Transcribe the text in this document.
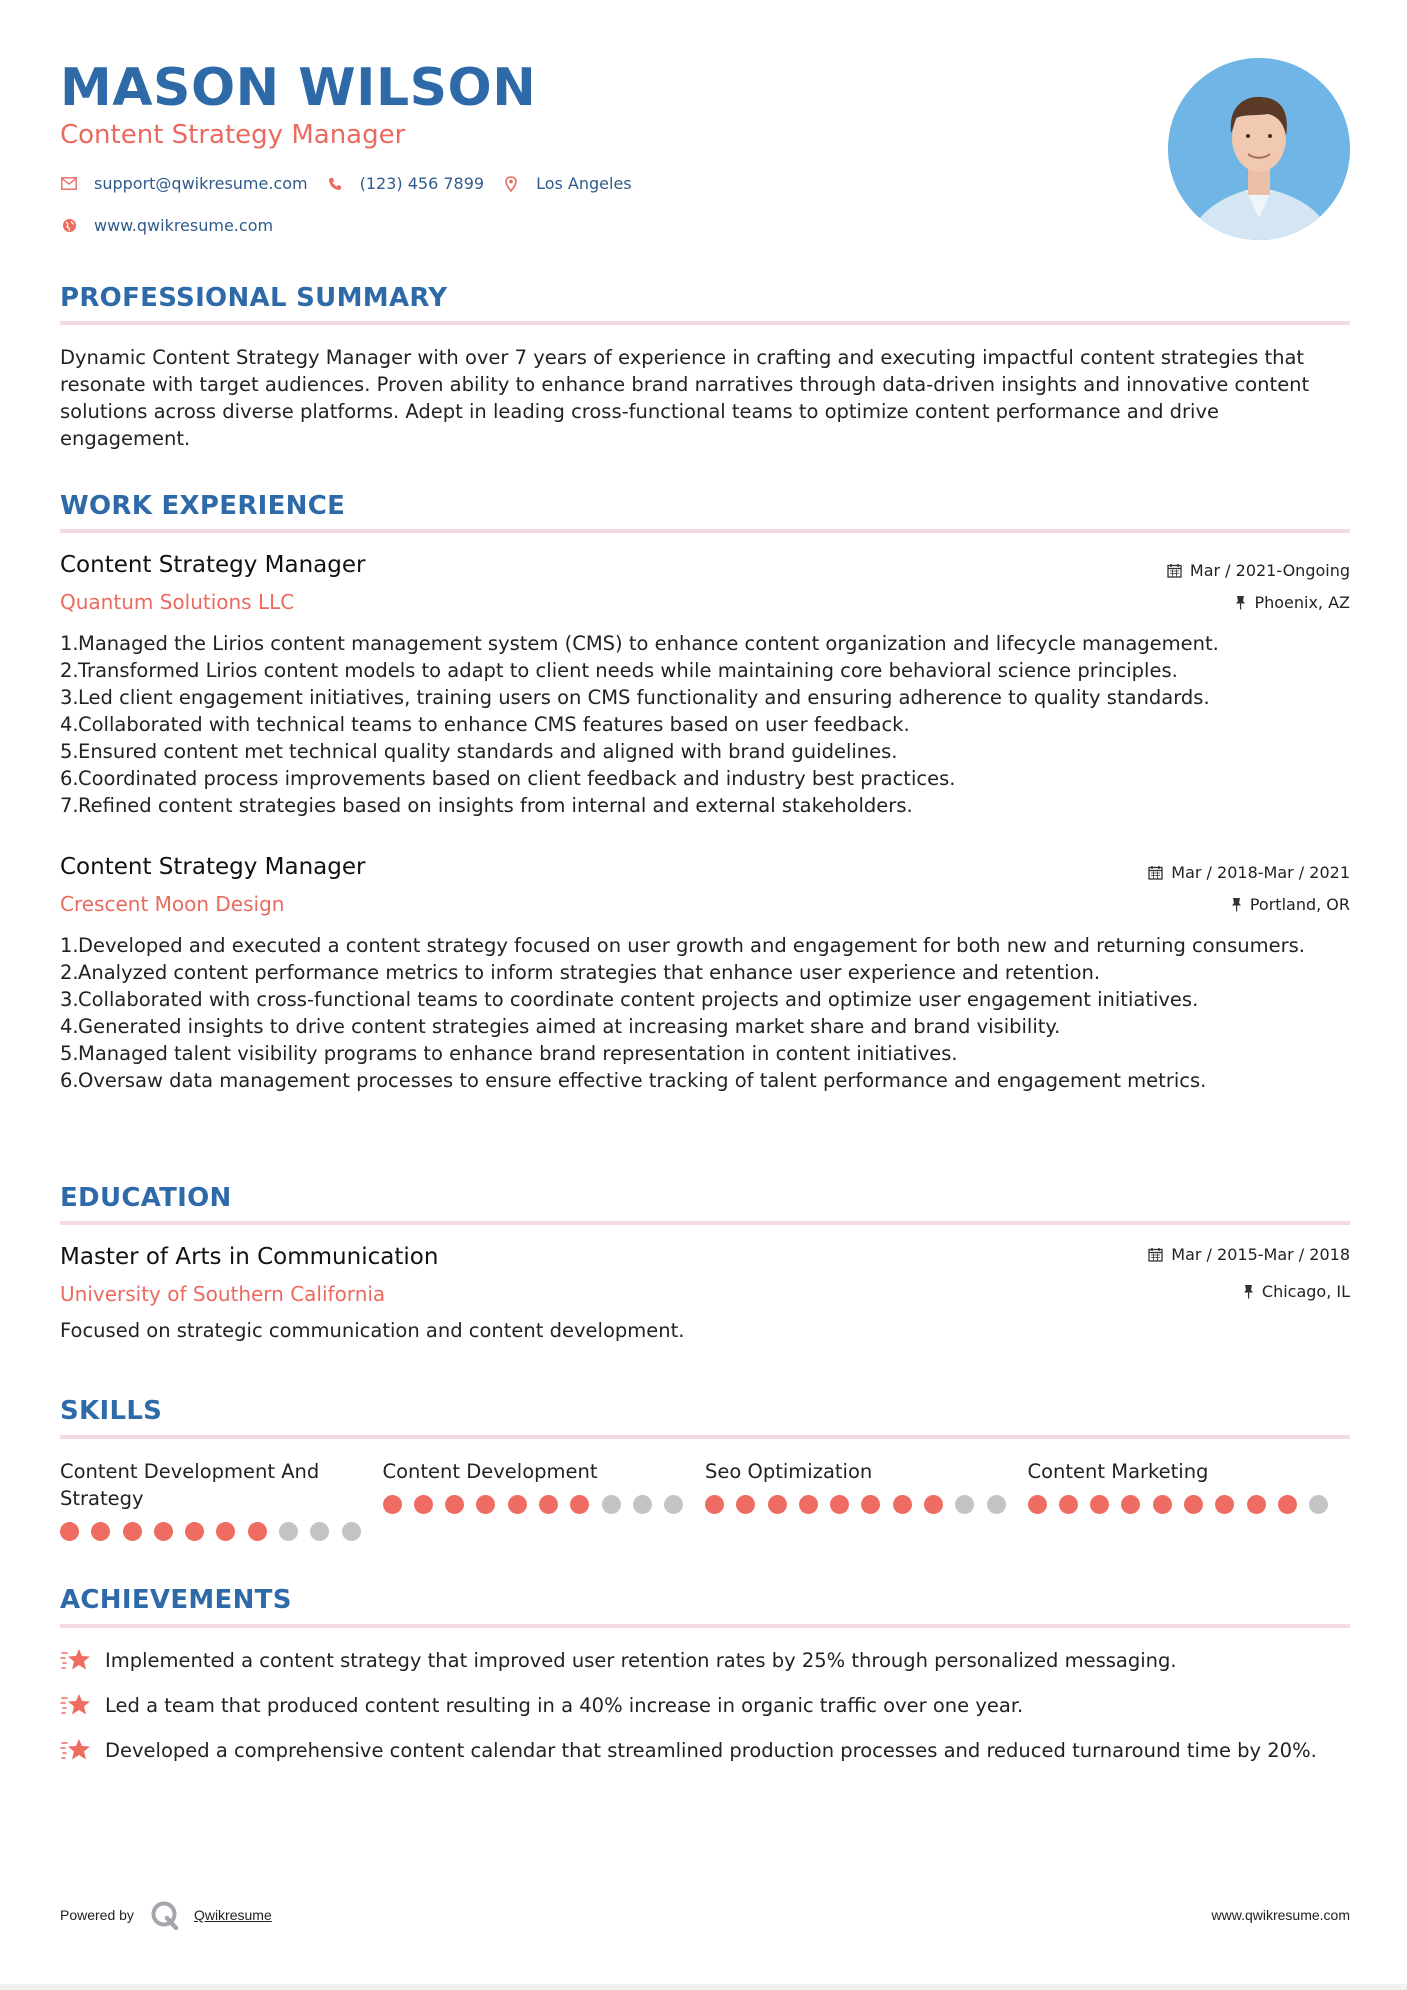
MASON WILSON
Content Strategy Manager
support@qwikresume.com	(123) 456 7899	Los Angeles
www.qwikresume.com
PROFESSIONAL SUMMARY

Dynamic Content Strategy Manager with over 7 years of experience in crafting and executing impactful content strategies that resonate with target audiences. Proven ability to enhance brand narratives through data-driven insights and innovative content solutions across diverse platforms. Adept in leading cross-functional teams to optimize content performance and drive engagement.

WORK EXPERIENCE
Content Strategy Manager
Quantum Solutions LLC
Mar / 2021-Ongoing
Phoenix, AZ
1. Managed the Lirios content management system (CMS) to enhance content organization and lifecycle management.
2. Transformed Lirios content models to adapt to client needs while maintaining core behavioral science principles.
3. Led client engagement initiatives, training users on CMS functionality and ensuring adherence to quality standards.
4. Collaborated with technical teams to enhance CMS features based on user feedback.
5. Ensured content met technical quality standards and aligned with brand guidelines.
6. Coordinated process improvements based on client feedback and industry best practices.
7. Refined content strategies based on insights from internal and external stakeholders.
Content Strategy Manager
Crescent Moon Design
Mar / 2018-Mar / 2021
Portland, OR
1. Developed and executed a content strategy focused on user growth and engagement for both new and returning consumers.
2. Analyzed content performance metrics to inform strategies that enhance user experience and retention.
3. Collaborated with cross-functional teams to coordinate content projects and optimize user engagement initiatives.
4. Generated insights to drive content strategies aimed at increasing market share and brand visibility.
5. Managed talent visibility programs to enhance brand representation in content initiatives.
6. Oversaw data management processes to ensure effective tracking of talent performance and engagement metrics.
EDUCATION
Master of Arts in Communication
University of Southern California
Mar / 2015-Mar / 2018
Chicago, IL

Focused on strategic communication and content development.

SKILLS
Content Development And Strategy
Content Development	Seo Optimization	Content Marketing
ACHIEVEMENTS
Implemented a content strategy that improved user retention rates by 25% through personalized messaging.
Led a team that produced content resulting in a 40% increase in organic traffic over one year.
Developed a comprehensive content calendar that streamlined production processes and reduced turnaround time by 20%.
Powered by	Qwikresume	www.qwikresume.com
